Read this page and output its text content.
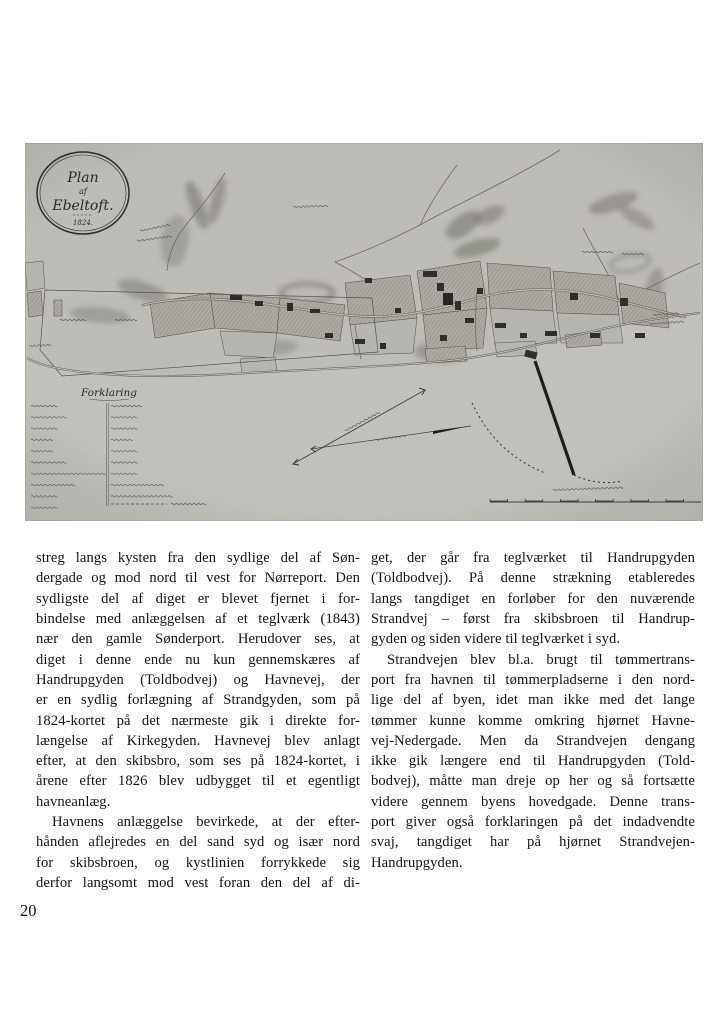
streg langs kysten fra den sydlige del af Søn-
dergade og mod nord til vest for Nørreport. Den
sydligste del af diget er blevet fjernet i for-
bindelse med anlæggelsen af et teglværk (1843)
nær den gamle Sønderport. Herudover ses, at
diget i denne ende nu kun gennemskæres af
Handrupgyden (Toldbodvej) og Havnevej, der
er en sydlig forlægning af Strandgyden, som på
1824-kortet på det nærmeste gik i direkte for-
længelse af Kirkegyden. Havnevej blev anlagt
efter, at den skibsbro, som ses på 1824-kortet, i
årene efter 1826 blev udbygget til et egentligt
havneanlæg.
Havnens anlæggelse bevirkede, at der efter-
hånden aflejredes en del sand syd og især nord
for skibsbroen, og kystlinien forrykkede sig
derfor langsomt mod vest foran den del af di-
get, der går fra teglværket til Handrupgyden
(Toldbodvej). På denne strækning etableredes
langs tangdiget en forløber for den nuværende
Strandvej – først fra skibsbroen til Handrup-
gyden og siden videre til teglværket i syd.
Strandvejen blev bl.a. brugt til tømmertrans-
port fra havnen til tømmerpladserne i den nord-
lige del af byen, idet man ikke med det lange
tømmer kunne komme omkring hjørnet Havne-
vej-Nedergade. Men da Strandvejen dengang
ikke gik længere end til Handrupgyden (Told-
bodvej), måtte man dreje op her og så fortsætte
videre gennem byens hovedgade. Denne trans-
port giver også forklaringen på det indadvendte
svaj, tangdiget har på hjørnet Strandvejen-
Handrupgyden.
20
